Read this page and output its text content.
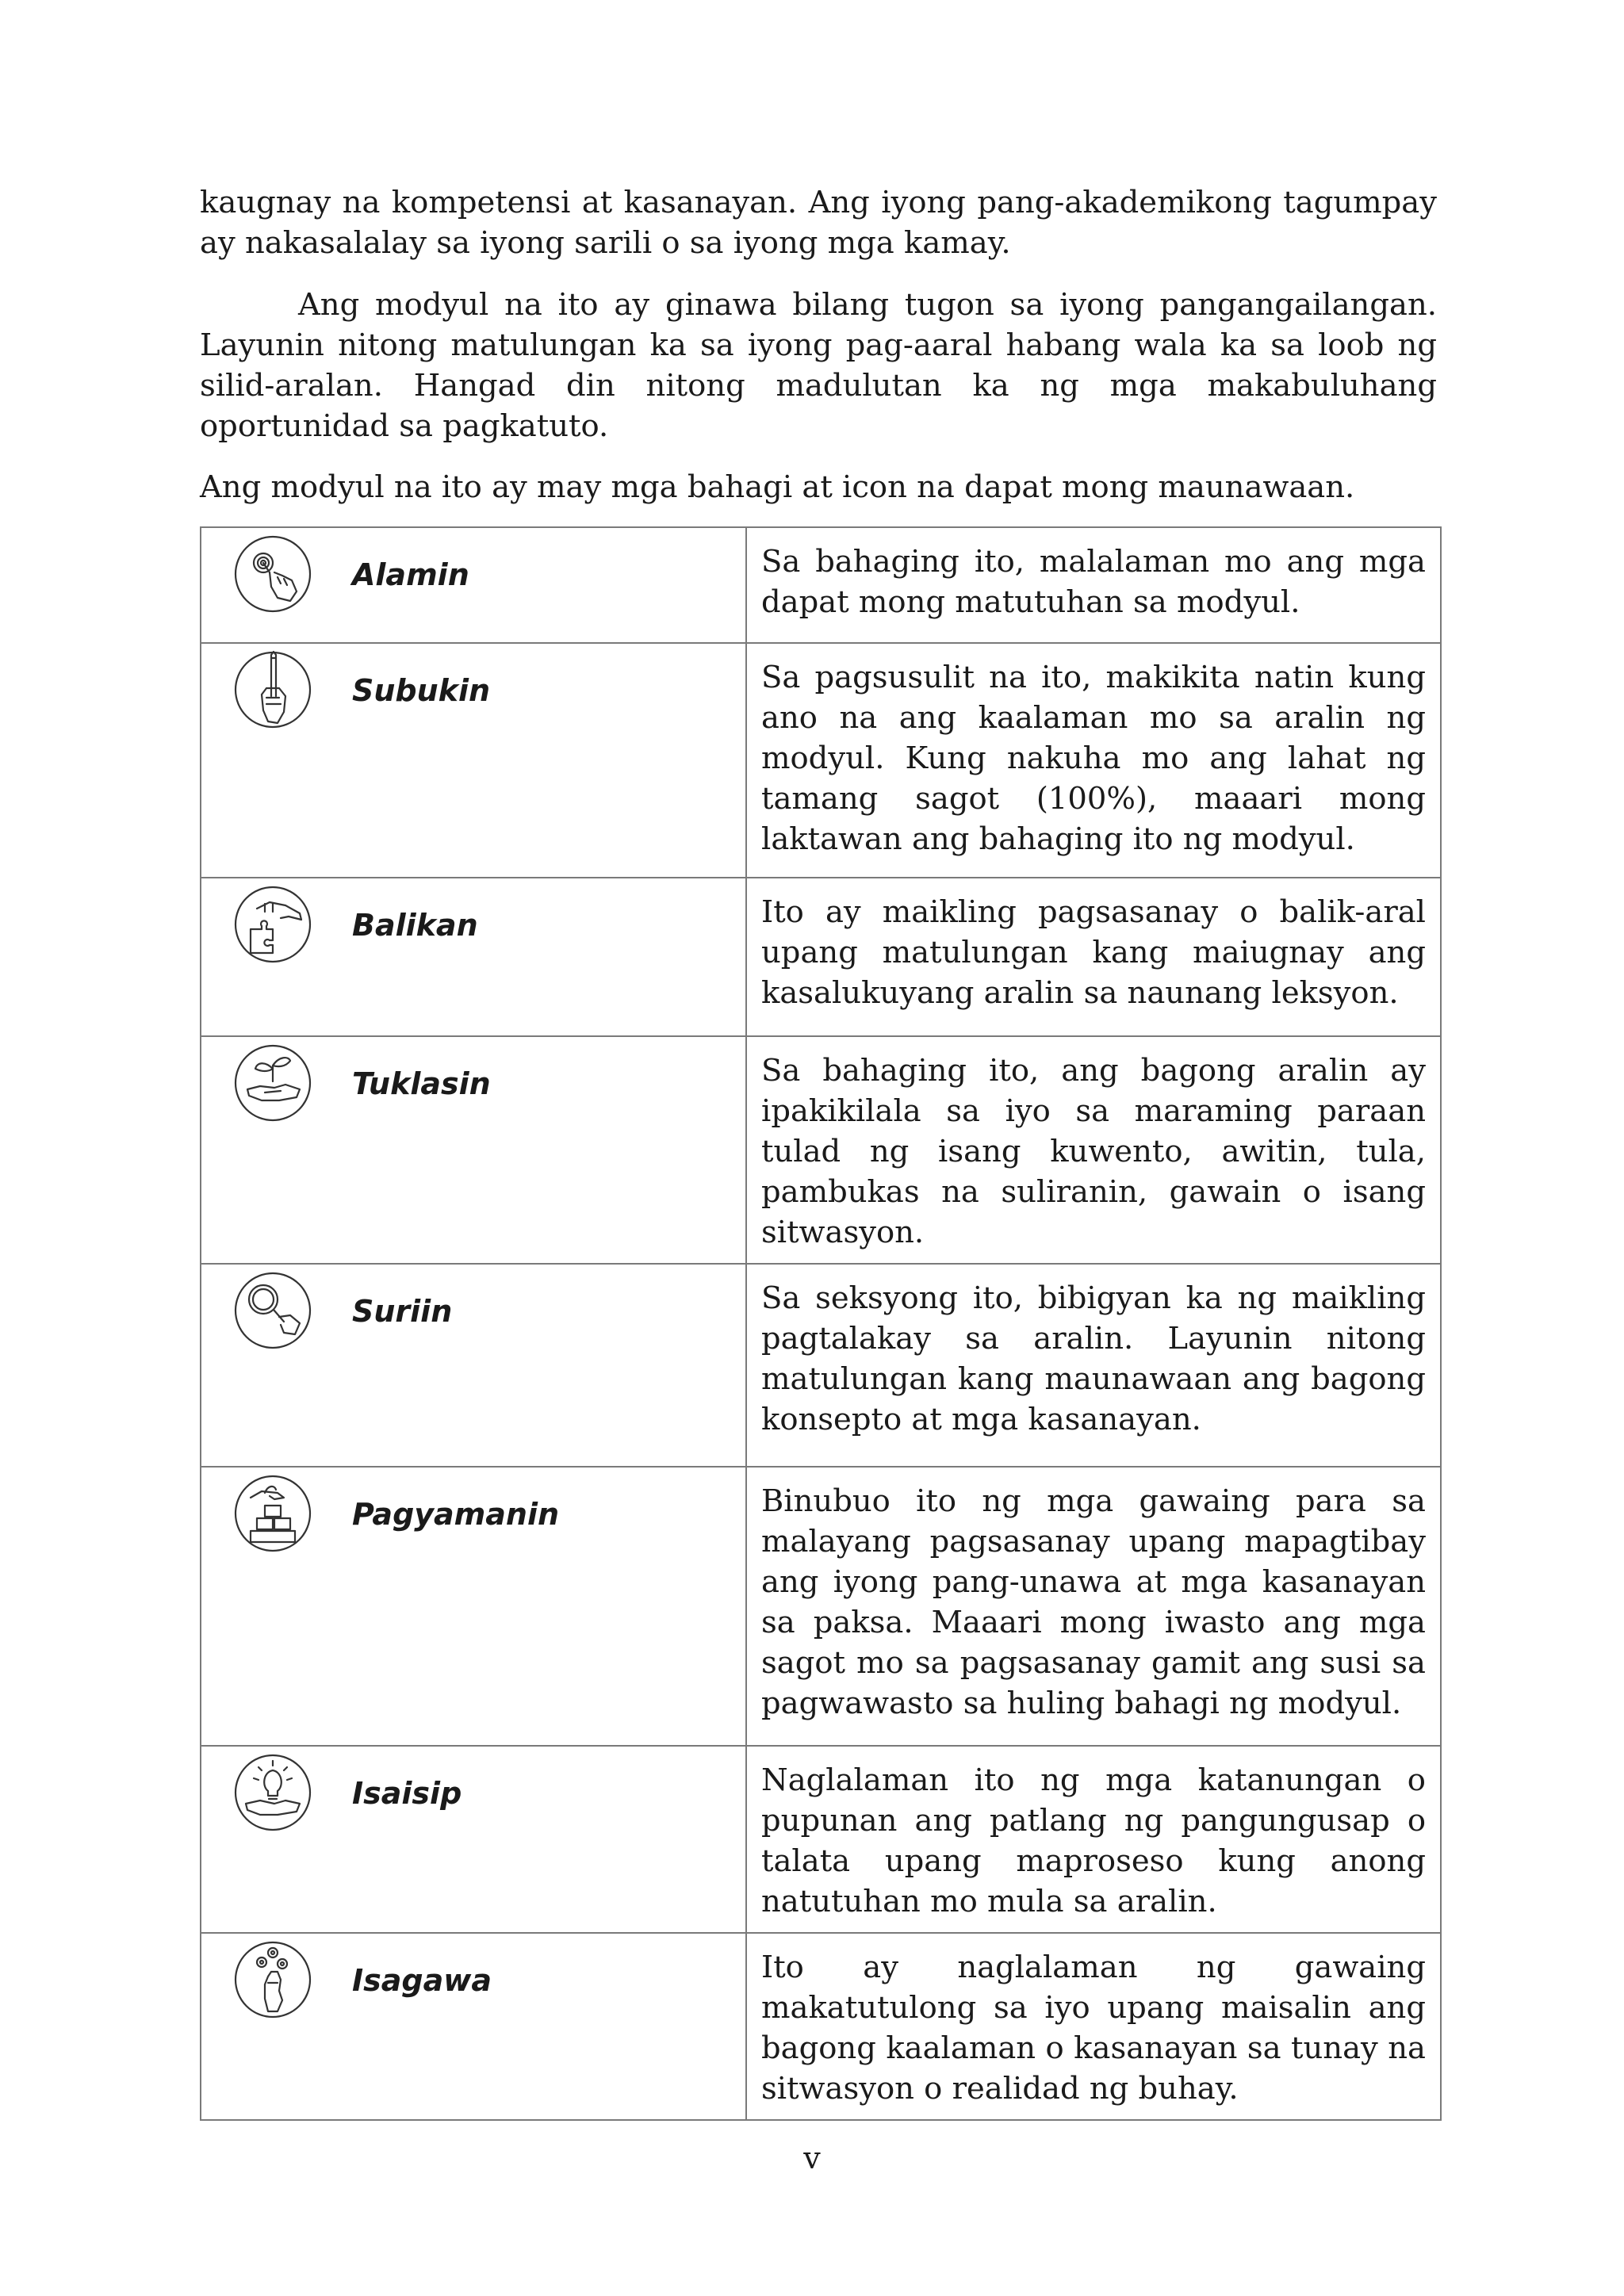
kaugnay na kompetensi at kasanayan. Ang iyong pang-akademikong tagumpay ay nakasalalay sa iyong sarili o sa iyong mga kamay.

Ang modyul na ito ay ginawa bilang tugon sa iyong pangangailangan. Layunin nitong matulungan ka sa iyong pag-aaral habang wala ka sa loob ng silid-aralan. Hangad din nitong madulutan ka ng mga makabuluhang oportunidad sa pagkatuto.

Ang modyul na ito ay may mga bahagi at icon na dapat mong maunawaan.

Alamin	Sa bahaging ito, malalaman mo ang mga dapat mong matutuhan sa modyul.

Subukin	Sa pagsusulit na ito, makikita natin kung ano na ang kaalaman mo sa aralin ng modyul. Kung nakuha mo ang lahat ng tamang sagot (100%), maaari mong laktawan ang bahaging ito ng modyul.

Balikan	Ito ay maikling pagsasanay o balik-aral upang matulungan kang maiugnay ang kasalukuyang aralin sa naunang leksyon.

Tuklasin	Sa bahaging ito, ang bagong aralin ay ipakikilala sa iyo sa maraming paraan tulad ng isang kuwento, awitin, tula, pambukas na suliranin, gawain o isang sitwasyon.

Suriin	Sa seksyong ito, bibigyan ka ng maikling pagtalakay sa aralin. Layunin nitong matulungan kang maunawaan ang bagong konsepto at mga kasanayan.

Pagyamanin	Binubuo ito ng mga gawaing para sa malayang pagsasanay upang mapagtibay ang iyong pang-unawa at mga kasanayan sa paksa. Maaari mong iwasto ang mga sagot mo sa pagsasanay gamit ang susi sa pagwawasto sa huling bahagi ng modyul.

Isaisip	Naglalaman ito ng mga katanungan o pupunan ang patlang ng pangungusap o talata upang maproseso kung anong natutuhan mo mula sa aralin.

Isagawa	Ito ay naglalaman ng gawaing makatutulong sa iyo upang maisalin ang bagong kaalaman o kasanayan sa tunay na sitwasyon o realidad ng buhay.
v
